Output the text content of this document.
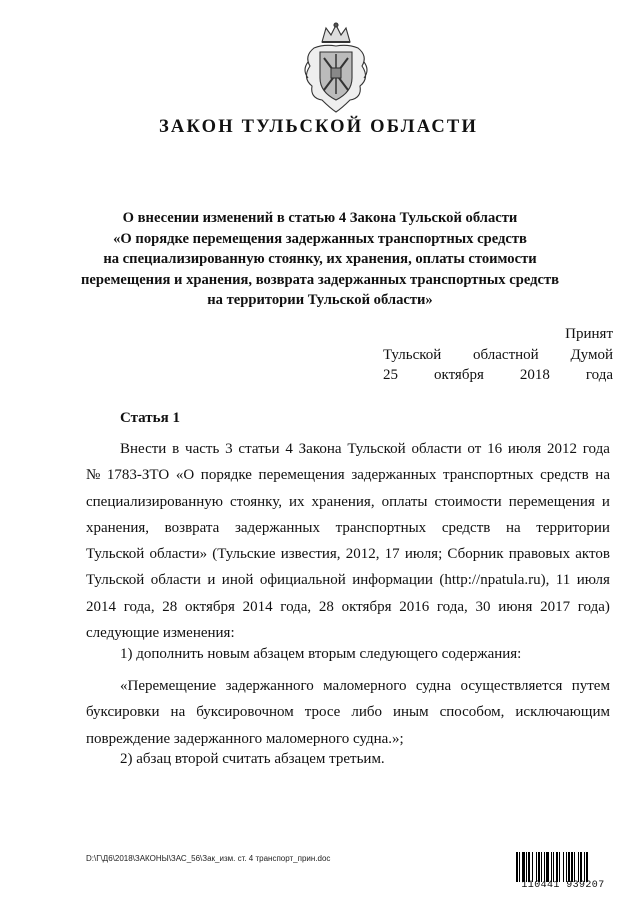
ЗАКОН ТУЛЬСКОЙ ОБЛАСТИ
О внесении изменений в статью 4 Закона Тульской области
«О порядке перемещения задержанных транспортных средств
на специализированную стоянку, их хранения, оплаты стоимости
перемещения и хранения, возврата задержанных транспортных средств
на территории Тульской области»
Принят
Тульской областной Думой
25 октября 2018 года
Статья 1
Внести в часть 3 статьи 4 Закона Тульской области от 16 июля 2012 года
№ 1783-ЗТО «О порядке перемещения задержанных транспортных средств на
специализированную стоянку, их хранения, оплаты стоимости перемещения и
хранения, возврата задержанных транспортных средств на территории
Тульской области» (Тульские известия, 2012, 17 июля; Сборник правовых актов
Тульской области и иной официальной информации (http://npatula.ru), 11 июля
2014 года, 28 октября 2014 года, 28 октября 2016 года, 30 июня 2017 года)
следующие изменения:
1) дополнить новым абзацем вторым следующего содержания:
«Перемещение задержанного маломерного судна осуществляется путем
буксировки на буксировочном тросе либо иным способом, исключающим
повреждение задержанного маломерного судна.»;
2) абзац второй считать абзацем третьим.
D:\Г\Д6\2018\ЗАКОНЫ\ЗАС_56\Зак_изм. ст. 4 транспорт_прин.doc
110441 939207
